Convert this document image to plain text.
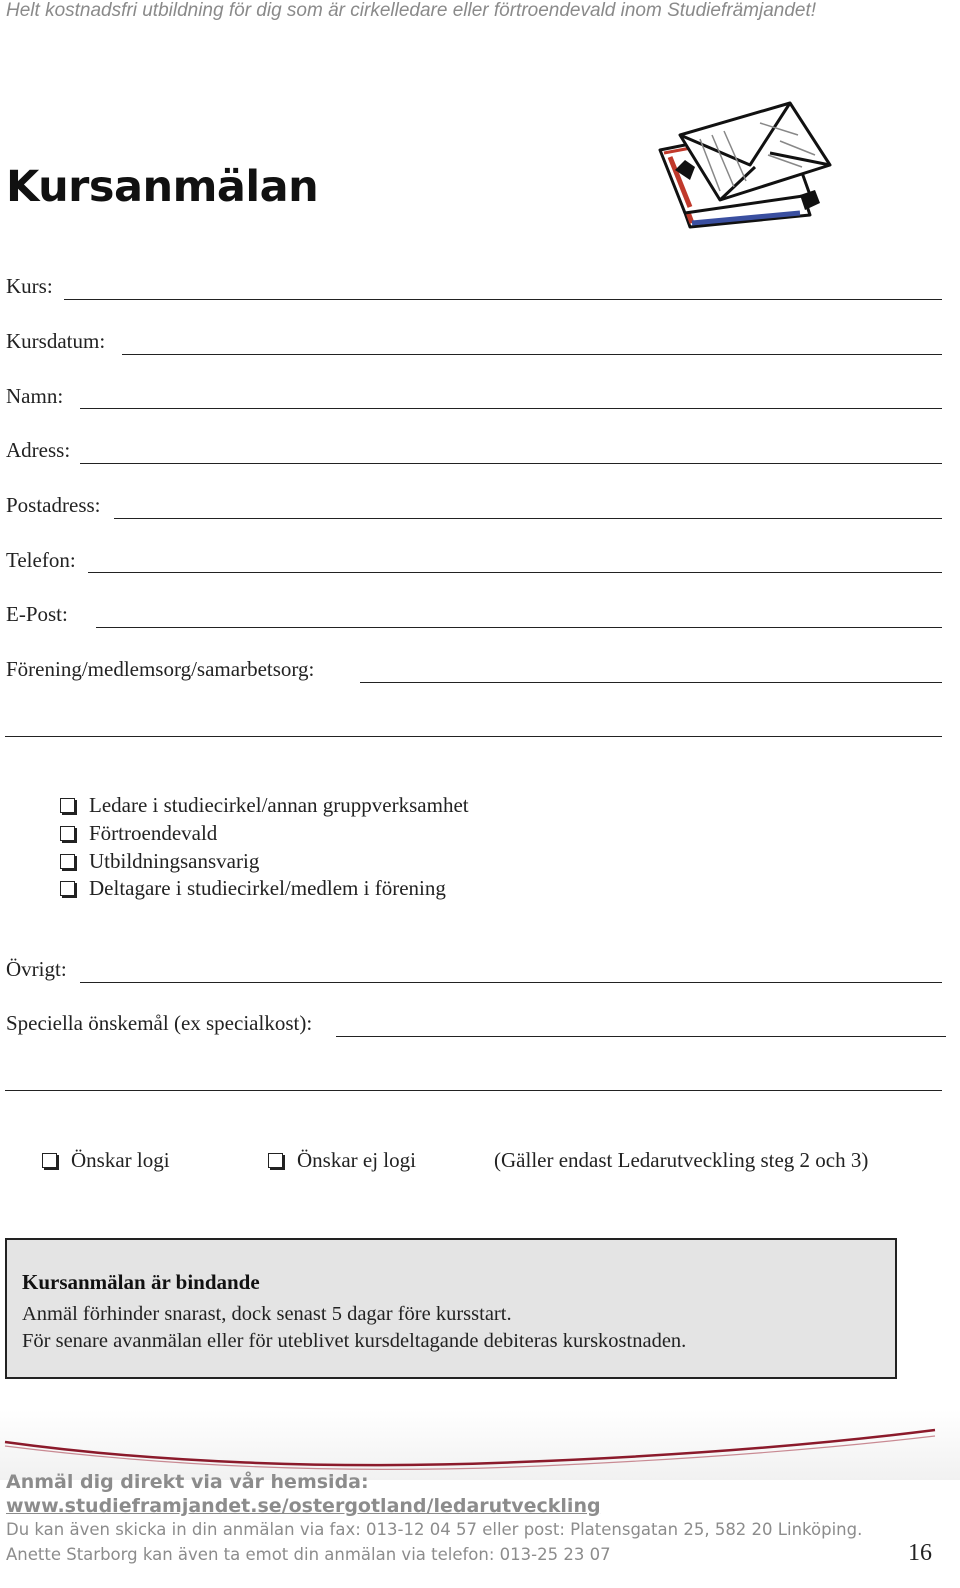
Helt kostnadsfri utbildning för dig som är cirkelledare eller förtroendevald inom Studiefrämjandet!
Kursanmälan
Kurs:
Kursdatum:
Namn:
Adress:
Postadress:
Telefon:
E-Post:
Förening/medlemsorg/samarbetsorg:
Ledare i studiecirkel/annan gruppverksamhet
Förtroendevald
Utbildningsansvarig
Deltagare i studiecirkel/medlem i förening
Övrigt:
Speciella önskemål (ex specialkost):
Önskar logi	Önskar ej logi	(Gäller endast Ledarutveckling steg 2 och 3)
Kursanmälan är bindande
Anmäl förhinder snarast, dock senast 5 dagar före kursstart.
För senare avanmälan eller för uteblivet kursdeltagande debiteras kurskostnaden.
Anmäl dig direkt via vår hemsida:
www.studieframjandet.se/ostergotland/ledarutveckling
Du kan även skicka in din anmälan via fax: 013-12 04 57 eller post: Platensgatan 25, 582 20 Linköping.
Anette Starborg kan även ta emot din anmälan via telefon: 013-25 23 07	16
